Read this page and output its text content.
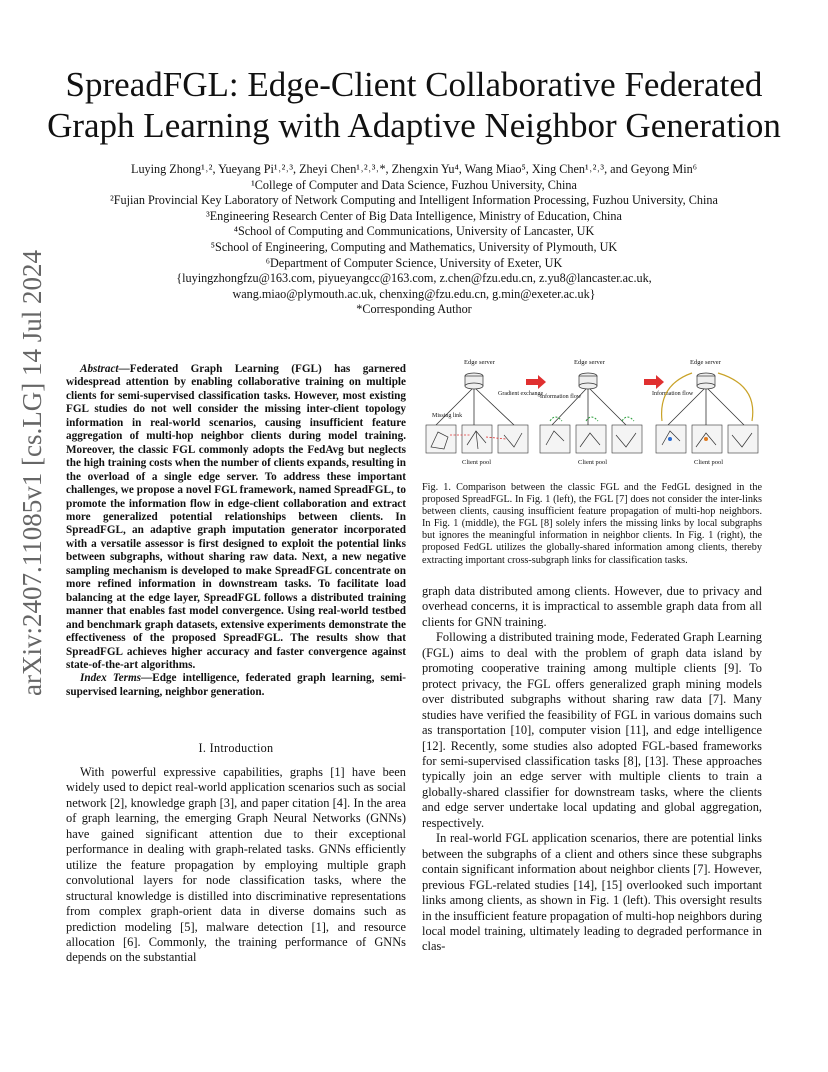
arXiv:2407.11085v1 [cs.LG] 14 Jul 2024
SpreadFGL: Edge-Client Collaborative Federated
Graph Learning with Adaptive Neighbor Generation
Luying Zhong¹˒², Yueyang Pi¹˒²˒³, Zheyi Chen¹˒²˒³˒*, Zhengxin Yu⁴, Wang Miao⁵, Xing Chen¹˒²˒³, and Geyong Min⁶
¹College of Computer and Data Science, Fuzhou University, China
²Fujian Provincial Key Laboratory of Network Computing and Intelligent Information Processing, Fuzhou University, China
³Engineering Research Center of Big Data Intelligence, Ministry of Education, China
⁴School of Computing and Communications, University of Lancaster, UK
⁵School of Engineering, Computing and Mathematics, University of Plymouth, UK
⁶Department of Computer Science, University of Exeter, UK
{luyingzhongfzu@163.com, piyueyangcc@163.com, z.chen@fzu.edu.cn, z.yu8@lancaster.ac.uk,
wang.miao@plymouth.ac.uk, chenxing@fzu.edu.cn, g.min@exeter.ac.uk}
*Corresponding Author

Abstract—Federated Graph Learning (FGL) has garnered widespread attention by enabling collaborative training on multiple clients for semi-supervised classification tasks. However, most existing FGL studies do not well consider the missing inter-client topology information in real-world scenarios, causing insufficient feature aggregation of multi-hop neighbor clients during model training. Moreover, the classic FGL commonly adopts the FedAvg but neglects the high training costs when the number of clients expands, resulting in the overload of a single edge server. To address these important challenges, we propose a novel FGL framework, named SpreadFGL, to promote the information flow in edge-client collaboration and extract more generalized potential relationships between clients. In SpreadFGL, an adaptive graph imputation generator incorporated with a versatile assessor is first designed to exploit the potential links between subgraphs, without sharing raw data. Next, a new negative sampling mechanism is developed to make SpreadFGL concentrate on more refined information in downstream tasks. To facilitate load balancing at the edge layer, SpreadFGL follows a distributed training manner that enables fast model convergence. Using real-world testbed and benchmark graph datasets, extensive experiments demonstrate the effectiveness of the proposed SpreadFGL. The results show that SpreadFGL achieves higher accuracy and faster convergence against state-of-the-art algorithms.

Index Terms—Edge intelligence, federated graph learning, semi-supervised learning, neighbor generation.

I. Introduction

With powerful expressive capabilities, graphs [1] have been widely used to depict real-world application scenarios such as social network [2], knowledge graph [3], and paper citation [4]. In the area of graph learning, the emerging Graph Neural Networks (GNNs) have gained significant attention due to their exceptional performance in dealing with graph-related tasks. GNNs efficiently utilize the feature propagation by employing multiple graph convolutional layers for node classification tasks, where the structural knowledge is distilled into discriminative representations from complex graph-orient data in diverse domains such as prediction modeling [5], malware detection [1], and resource allocation [6]. Commonly, the training performance of GNNs depends on the substantial

Edge server
Gradient exchange
Missing link
Client pool
Edge server
Information flow
Client pool
Edge server
Information flow
Client pool
Fig. 1. Comparison between the classic FGL and the FedGL designed in the proposed SpreadFGL. In Fig. 1 (left), the FGL [7] does not consider the inter-links between clients, causing insufficient feature propagation of multi-hop neighbors. In Fig. 1 (middle), the FGL [8] solely infers the missing links by local subgraphs but ignores the meaningful information in neighbor clients. In Fig. 1 (right), the proposed FedGL utilizes the globally-shared information among clients, thereby extracting important cross-subgraph links for classification tasks.

graph data distributed among clients. However, due to privacy and overhead concerns, it is impractical to assemble graph data from all clients for GNN training.

Following a distributed training mode, Federated Graph Learning (FGL) aims to deal with the problem of graph data island by promoting cooperative training among multiple clients [9]. To protect privacy, the FGL offers generalized graph mining models over distributed subgraphs without sharing raw data [7]. Many studies have verified the feasibility of FGL in various domains such as transportation [10], computer vision [11], and edge intelligence [12]. Recently, some studies also adopted FGL-based frameworks for semi-supervised classification tasks [8], [13]. These approaches typically join an edge server with multiple clients to train a globally-shared classifier for downstream tasks, where the clients and edge server undertake local updating and global aggregation, respectively.

In real-world FGL application scenarios, there are potential links between the subgraphs of a client and others since these subgraphs contain significant information about neighbor clients [7]. However, previous FGL-related studies [14], [15] overlooked such important links among clients, as shown in Fig. 1 (left). This oversight results in the insufficient feature propagation of multi-hop neighbors during local model training, ultimately leading to degraded performance in clas-
